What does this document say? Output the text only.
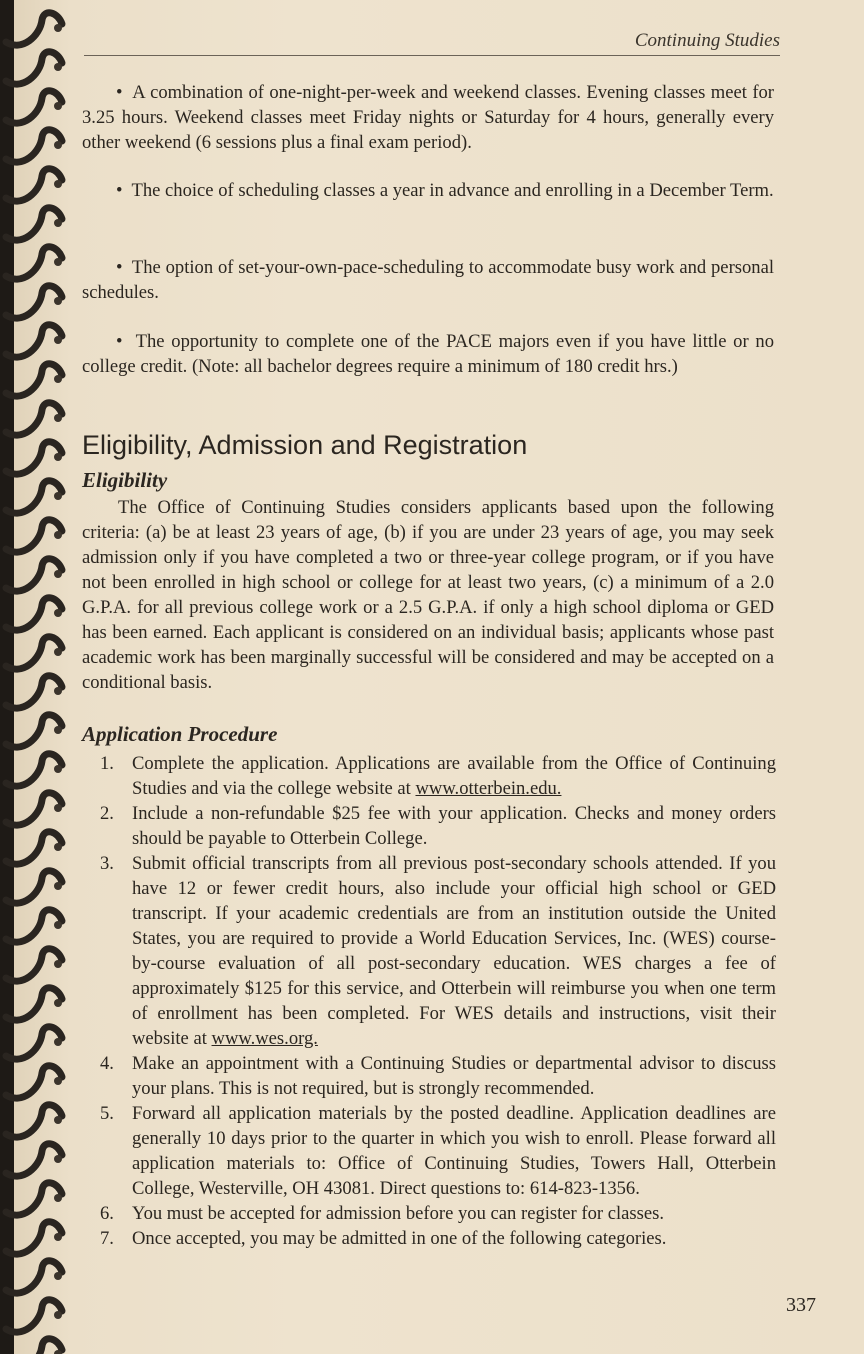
Continuing Studies

• A combination of one-night-per-week and weekend classes. Evening classes meet for 3.25 hours. Weekend classes meet Friday nights or Saturday for 4 hours, generally every other weekend (6 sessions plus a final exam period).

• The choice of scheduling classes a year in advance and enrolling in a December Term.

• The option of set-your-own-pace-scheduling to accommodate busy work and personal schedules.

• The opportunity to complete one of the PACE majors even if you have little or no college credit. (Note: all bachelor degrees require a minimum of 180 credit hrs.)

Eligibility, Admission and Registration
Eligibility

The Office of Continuing Studies considers applicants based upon the following criteria: (a) be at least 23 years of age, (b) if you are under 23 years of age, you may seek admission only if you have completed a two or three-year college program, or if you have not been enrolled in high school or college for at least two years, (c) a minimum of a 2.0 G.P.A. for all previous college work or a 2.5 G.P.A. if only a high school diploma or GED has been earned. Each applicant is considered on an individual basis; applicants whose past academic work has been marginally successful will be considered and may be accepted on a conditional basis.

Application Procedure
1. Complete the application. Applications are available from the Office of Continuing Studies and via the college website at www.otterbein.edu.
2. Include a non-refundable $25 fee with your application. Checks and money orders should be payable to Otterbein College.
3. Submit official transcripts from all previous post-secondary schools attended. If you have 12 or fewer credit hours, also include your official high school or GED transcript. If your academic credentials are from an institution outside the United States, you are required to provide a World Education Services, Inc. (WES) course-by-course evaluation of all post-secondary education. WES charges a fee of approximately $125 for this service, and Otterbein will reimburse you when one term of enrollment has been completed. For WES details and instructions, visit their website at www.wes.org.
4. Make an appointment with a Continuing Studies or departmental advisor to discuss your plans. This is not required, but is strongly recommended.
5. Forward all application materials by the posted deadline. Application deadlines are generally 10 days prior to the quarter in which you wish to enroll. Please forward all application materials to: Office of Continuing Studies, Towers Hall, Otterbein College, Westerville, OH 43081. Direct questions to: 614-823-1356.
6. You must be accepted for admission before you can register for classes.
7. Once accepted, you may be admitted in one of the following categories.
337
